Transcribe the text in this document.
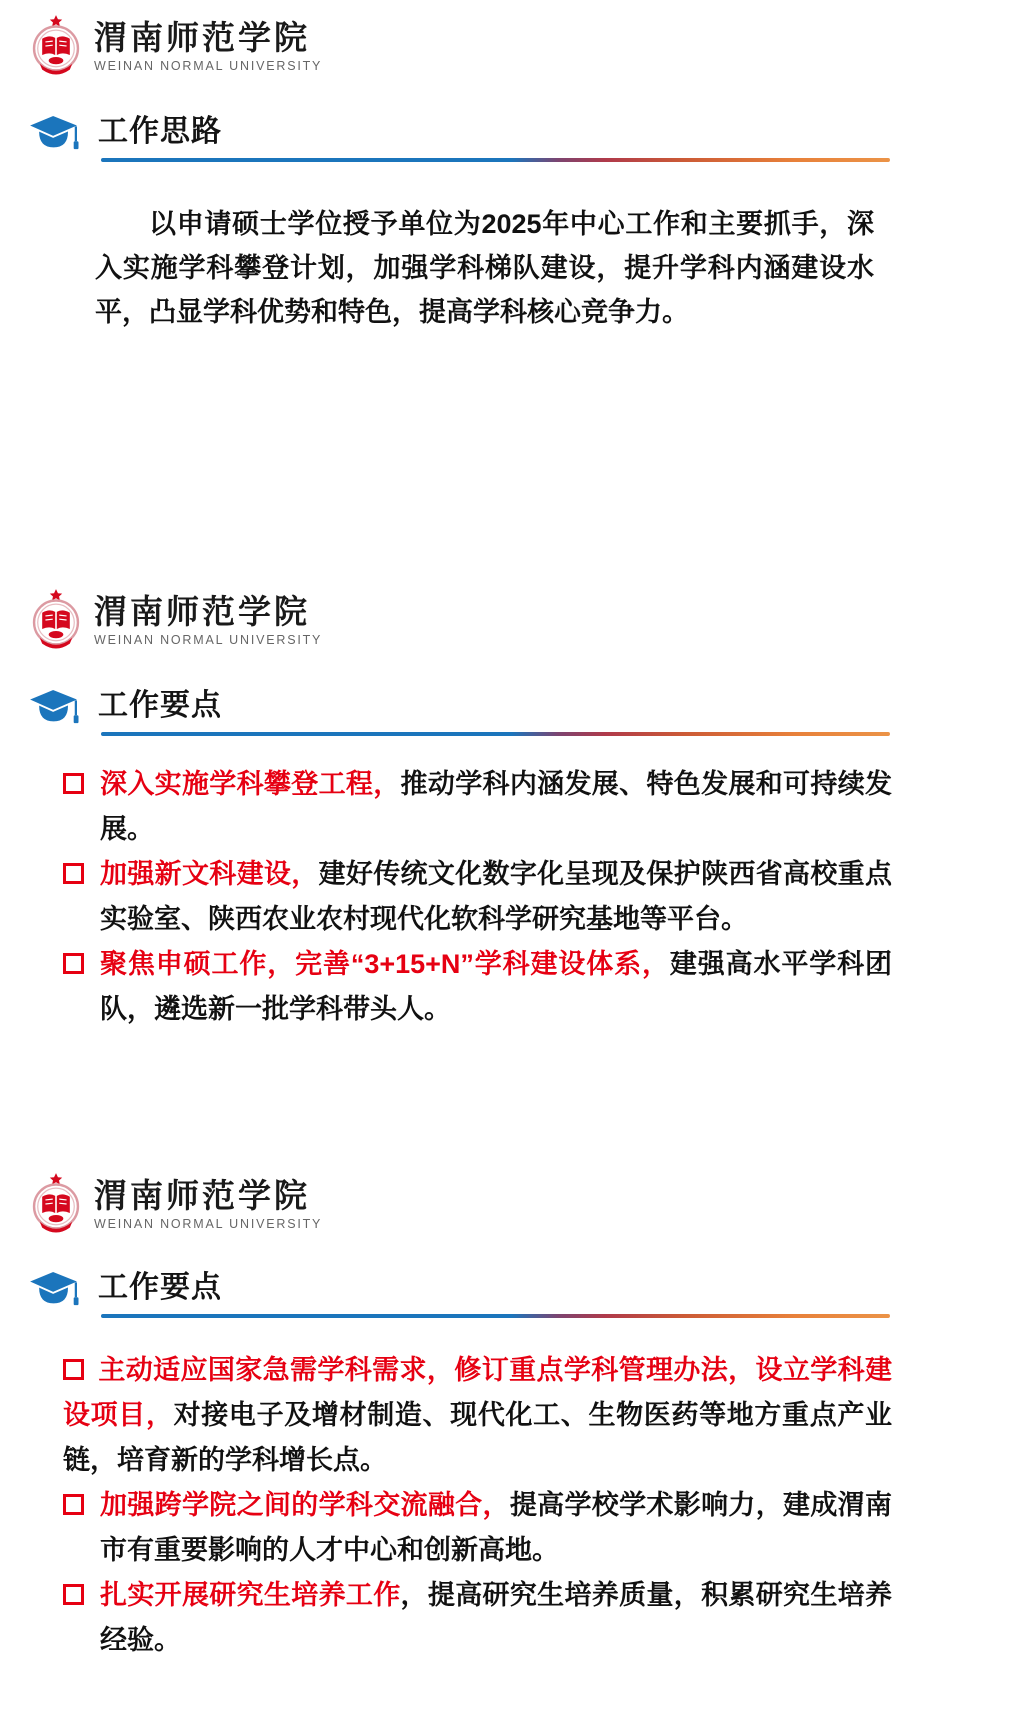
渭南师范学院
WEINAN NORMAL UNIVERSITY
工作思路

以申请硕士学位授予单位为2025年中心工作和主要抓手，深入实施学科攀登计划，加强学科梯队建设，提升学科内涵建设水平，凸显学科优势和特色，提高学科核心竞争力。

渭南师范学院
WEINAN NORMAL UNIVERSITY
工作要点
深入实施学科攀登工程，推动学科内涵发展、特色发展和可持续发展。
加强新文科建设，建好传统文化数字化呈现及保护陕西省高校重点实验室、陕西农业农村现代化软科学研究基地等平台。
聚焦申硕工作，完善“3+15+N”学科建设体系，建强高水平学科团队，遴选新一批学科带头人。
渭南师范学院
WEINAN NORMAL UNIVERSITY
工作要点
主动适应国家急需学科需求，修订重点学科管理办法，设立学科建设项目，对接电子及增材制造、现代化工、生物医药等地方重点产业链，培育新的学科增长点。
加强跨学院之间的学科交流融合，提高学校学术影响力，建成渭南市有重要影响的人才中心和创新高地。
扎实开展研究生培养工作，提高研究生培养质量，积累研究生培养经验。
